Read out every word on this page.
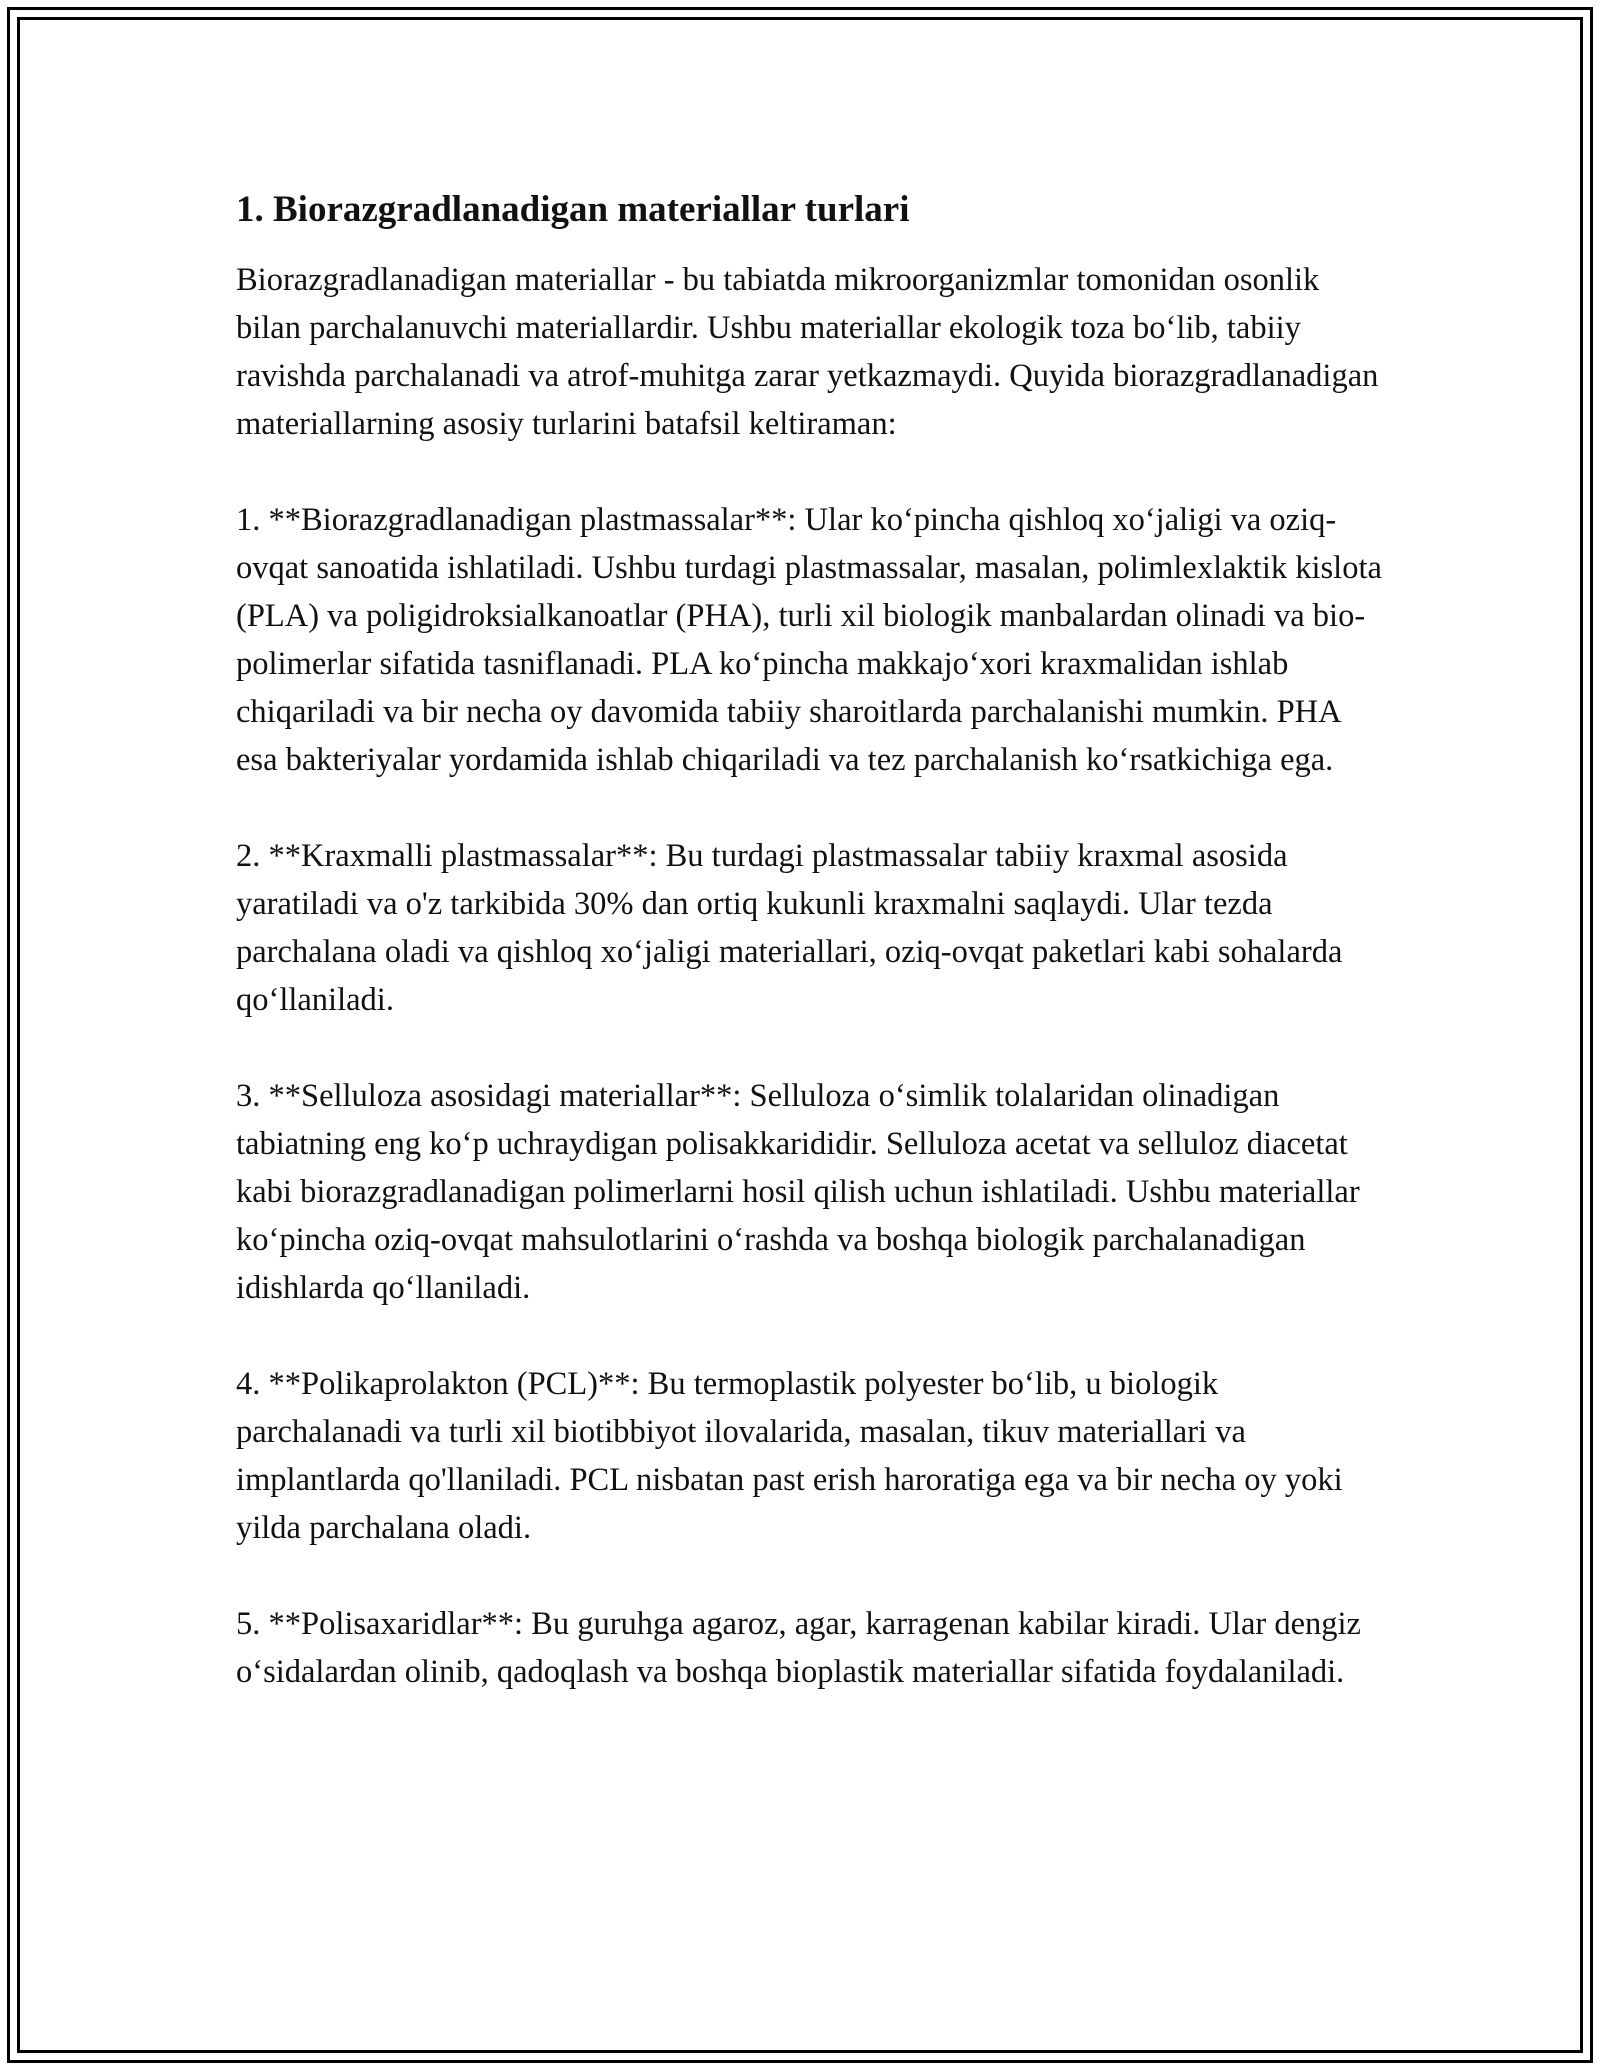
1. Biorazgradlanadigan materiallar turlari

Biorazgradlanadigan materiallar - bu tabiatda mikroorganizmlar tomonidan osonlik bilan parchalanuvchi materiallardir. Ushbu materiallar ekologik toza bo‘lib, tabiiy ravishda parchalanadi va atrof-muhitga zarar yetkazmaydi. Quyida biorazgradlanadigan materiallarning asosiy turlarini batafsil keltiraman:

1. **Biorazgradlanadigan plastmassalar**: Ular ko‘pincha qishloq xo‘jaligi va oziq-ovqat sanoatida ishlatiladi. Ushbu turdagi plastmassalar, masalan, polimlexlaktik kislota (PLA) va poligidroksialkanoatlar (PHA), turli xil biologik manbalardan olinadi va bio-polimerlar sifatida tasniflanadi. PLA ko‘pincha makkajo‘xori kraxmalidan ishlab chiqariladi va bir necha oy davomida tabiiy sharoitlarda parchalanishi mumkin. PHA esa bakteriyalar yordamida ishlab chiqariladi va tez parchalanish ko‘rsatkichiga ega.

2. **Kraxmalli plastmassalar**: Bu turdagi plastmassalar tabiiy kraxmal asosida yaratiladi va o'z tarkibida 30% dan ortiq kukunli kraxmalni saqlaydi. Ular tezda parchalana oladi va qishloq xo‘jaligi materiallari, oziq-ovqat paketlari kabi sohalarda qo‘llaniladi.

3. **Selluloza asosidagi materiallar**: Selluloza o‘simlik tolalaridan olinadigan tabiatning eng ko‘p uchraydigan polisakkarididir. Selluloza acetat va selluloz diacetat kabi biorazgradlanadigan polimerlarni hosil qilish uchun ishlatiladi. Ushbu materiallar ko‘pincha oziq-ovqat mahsulotlarini o‘rashda va boshqa biologik parchalanadigan idishlarda qo‘llaniladi.

4. **Polikaprolakton (PCL)**: Bu termoplastik polyester bo‘lib, u biologik parchalanadi va turli xil biotibbiyot ilovalarida, masalan, tikuv materiallari va implantlarda qo'llaniladi. PCL nisbatan past erish haroratiga ega va bir necha oy yoki yilda parchalana oladi.

5. **Polisaxaridlar**: Bu guruhga agaroz, agar, karragenan kabilar kiradi. Ular dengiz o‘sidalardan olinib, qadoqlash va boshqa bioplastik materiallar sifatida foydalaniladi.
